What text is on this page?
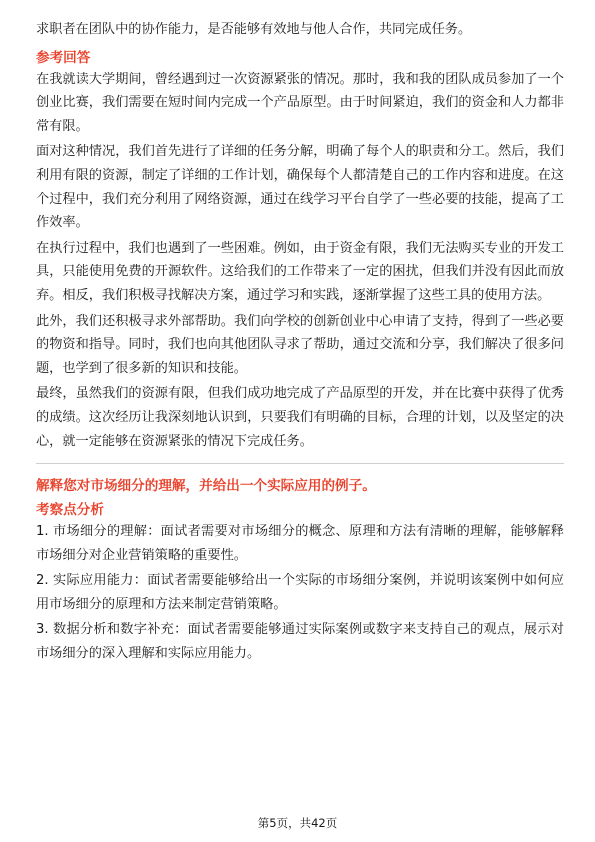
求职者在团队中的协作能力，是否能够有效地与他人合作，共同完成任务。

参考回答

在我就读大学期间，曾经遇到过一次资源紧张的情况。那时，我和我的团队成员参加了一个创业比赛，我们需要在短时间内完成一个产品原型。由于时间紧迫，我们的资金和人力都非常有限。

面对这种情况，我们首先进行了详细的任务分解，明确了每个人的职责和分工。然后，我们利用有限的资源，制定了详细的工作计划，确保每个人都清楚自己的工作内容和进度。在这个过程中，我们充分利用了网络资源，通过在线学习平台自学了一些必要的技能，提高了工作效率。

在执行过程中，我们也遇到了一些困难。例如，由于资金有限，我们无法购买专业的开发工具，只能使用免费的开源软件。这给我们的工作带来了一定的困扰，但我们并没有因此而放弃。相反，我们积极寻找解决方案，通过学习和实践，逐渐掌握了这些工具的使用方法。

此外，我们还积极寻求外部帮助。我们向学校的创新创业中心申请了支持，得到了一些必要的物资和指导。同时，我们也向其他团队寻求了帮助，通过交流和分享，我们解决了很多问题，也学到了很多新的知识和技能。

最终，虽然我们的资源有限，但我们成功地完成了产品原型的开发，并在比赛中获得了优秀的成绩。这次经历让我深刻地认识到，只要我们有明确的目标，合理的计划，以及坚定的决心，就一定能够在资源紧张的情况下完成任务。

解释您对市场细分的理解，并给出一个实际应用的例子。
考察点分析

1. 市场细分的理解：面试者需要对市场细分的概念、原理和方法有清晰的理解，能够解释市场细分对企业营销策略的重要性。

2. 实际应用能力：面试者需要能够给出一个实际的市场细分案例，并说明该案例中如何应用市场细分的原理和方法来制定营销策略。

3. 数据分析和数字补充：面试者需要能够通过实际案例或数字来支持自己的观点，展示对市场细分的深入理解和实际应用能力。

第5页，共42页
